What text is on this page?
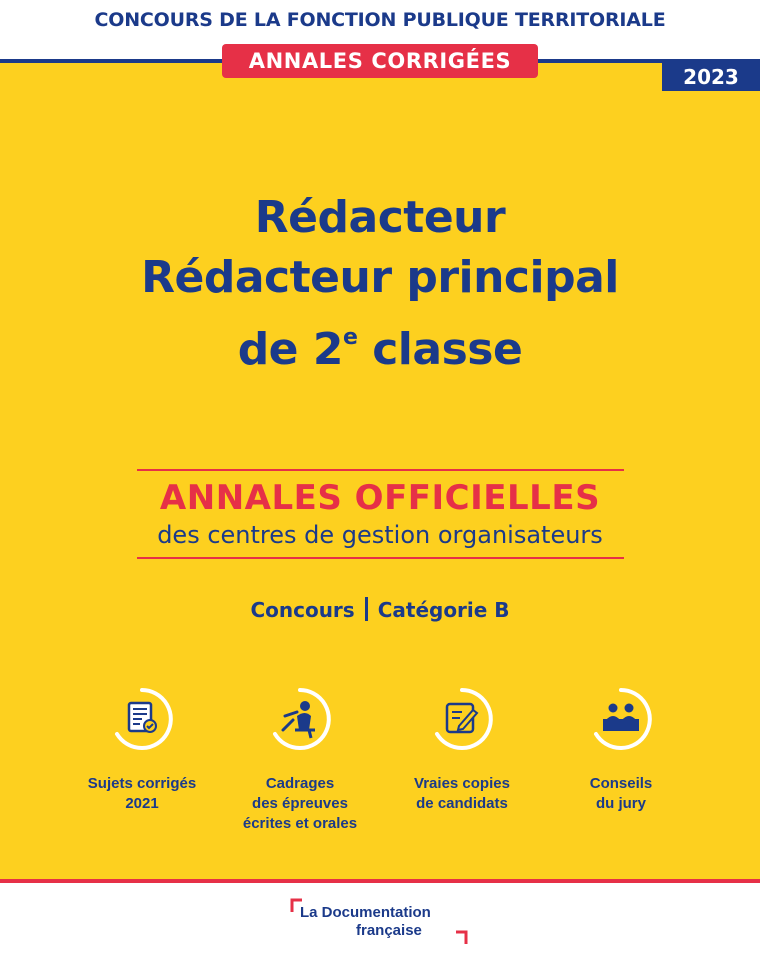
CONCOURS DE LA FONCTION PUBLIQUE TERRITORIALE
ANNALES CORRIGÉES
2023
Rédacteur
Rédacteur principal
de 2e classe
ANNALES OFFICIELLES
des centres de gestion organisateurs
Concours Catégorie B
Sujets corrigés
2021
Cadrages
des épreuves
écrites et orales
Vraies copies
de candidats
Conseils
du jury
La Documentation
française
